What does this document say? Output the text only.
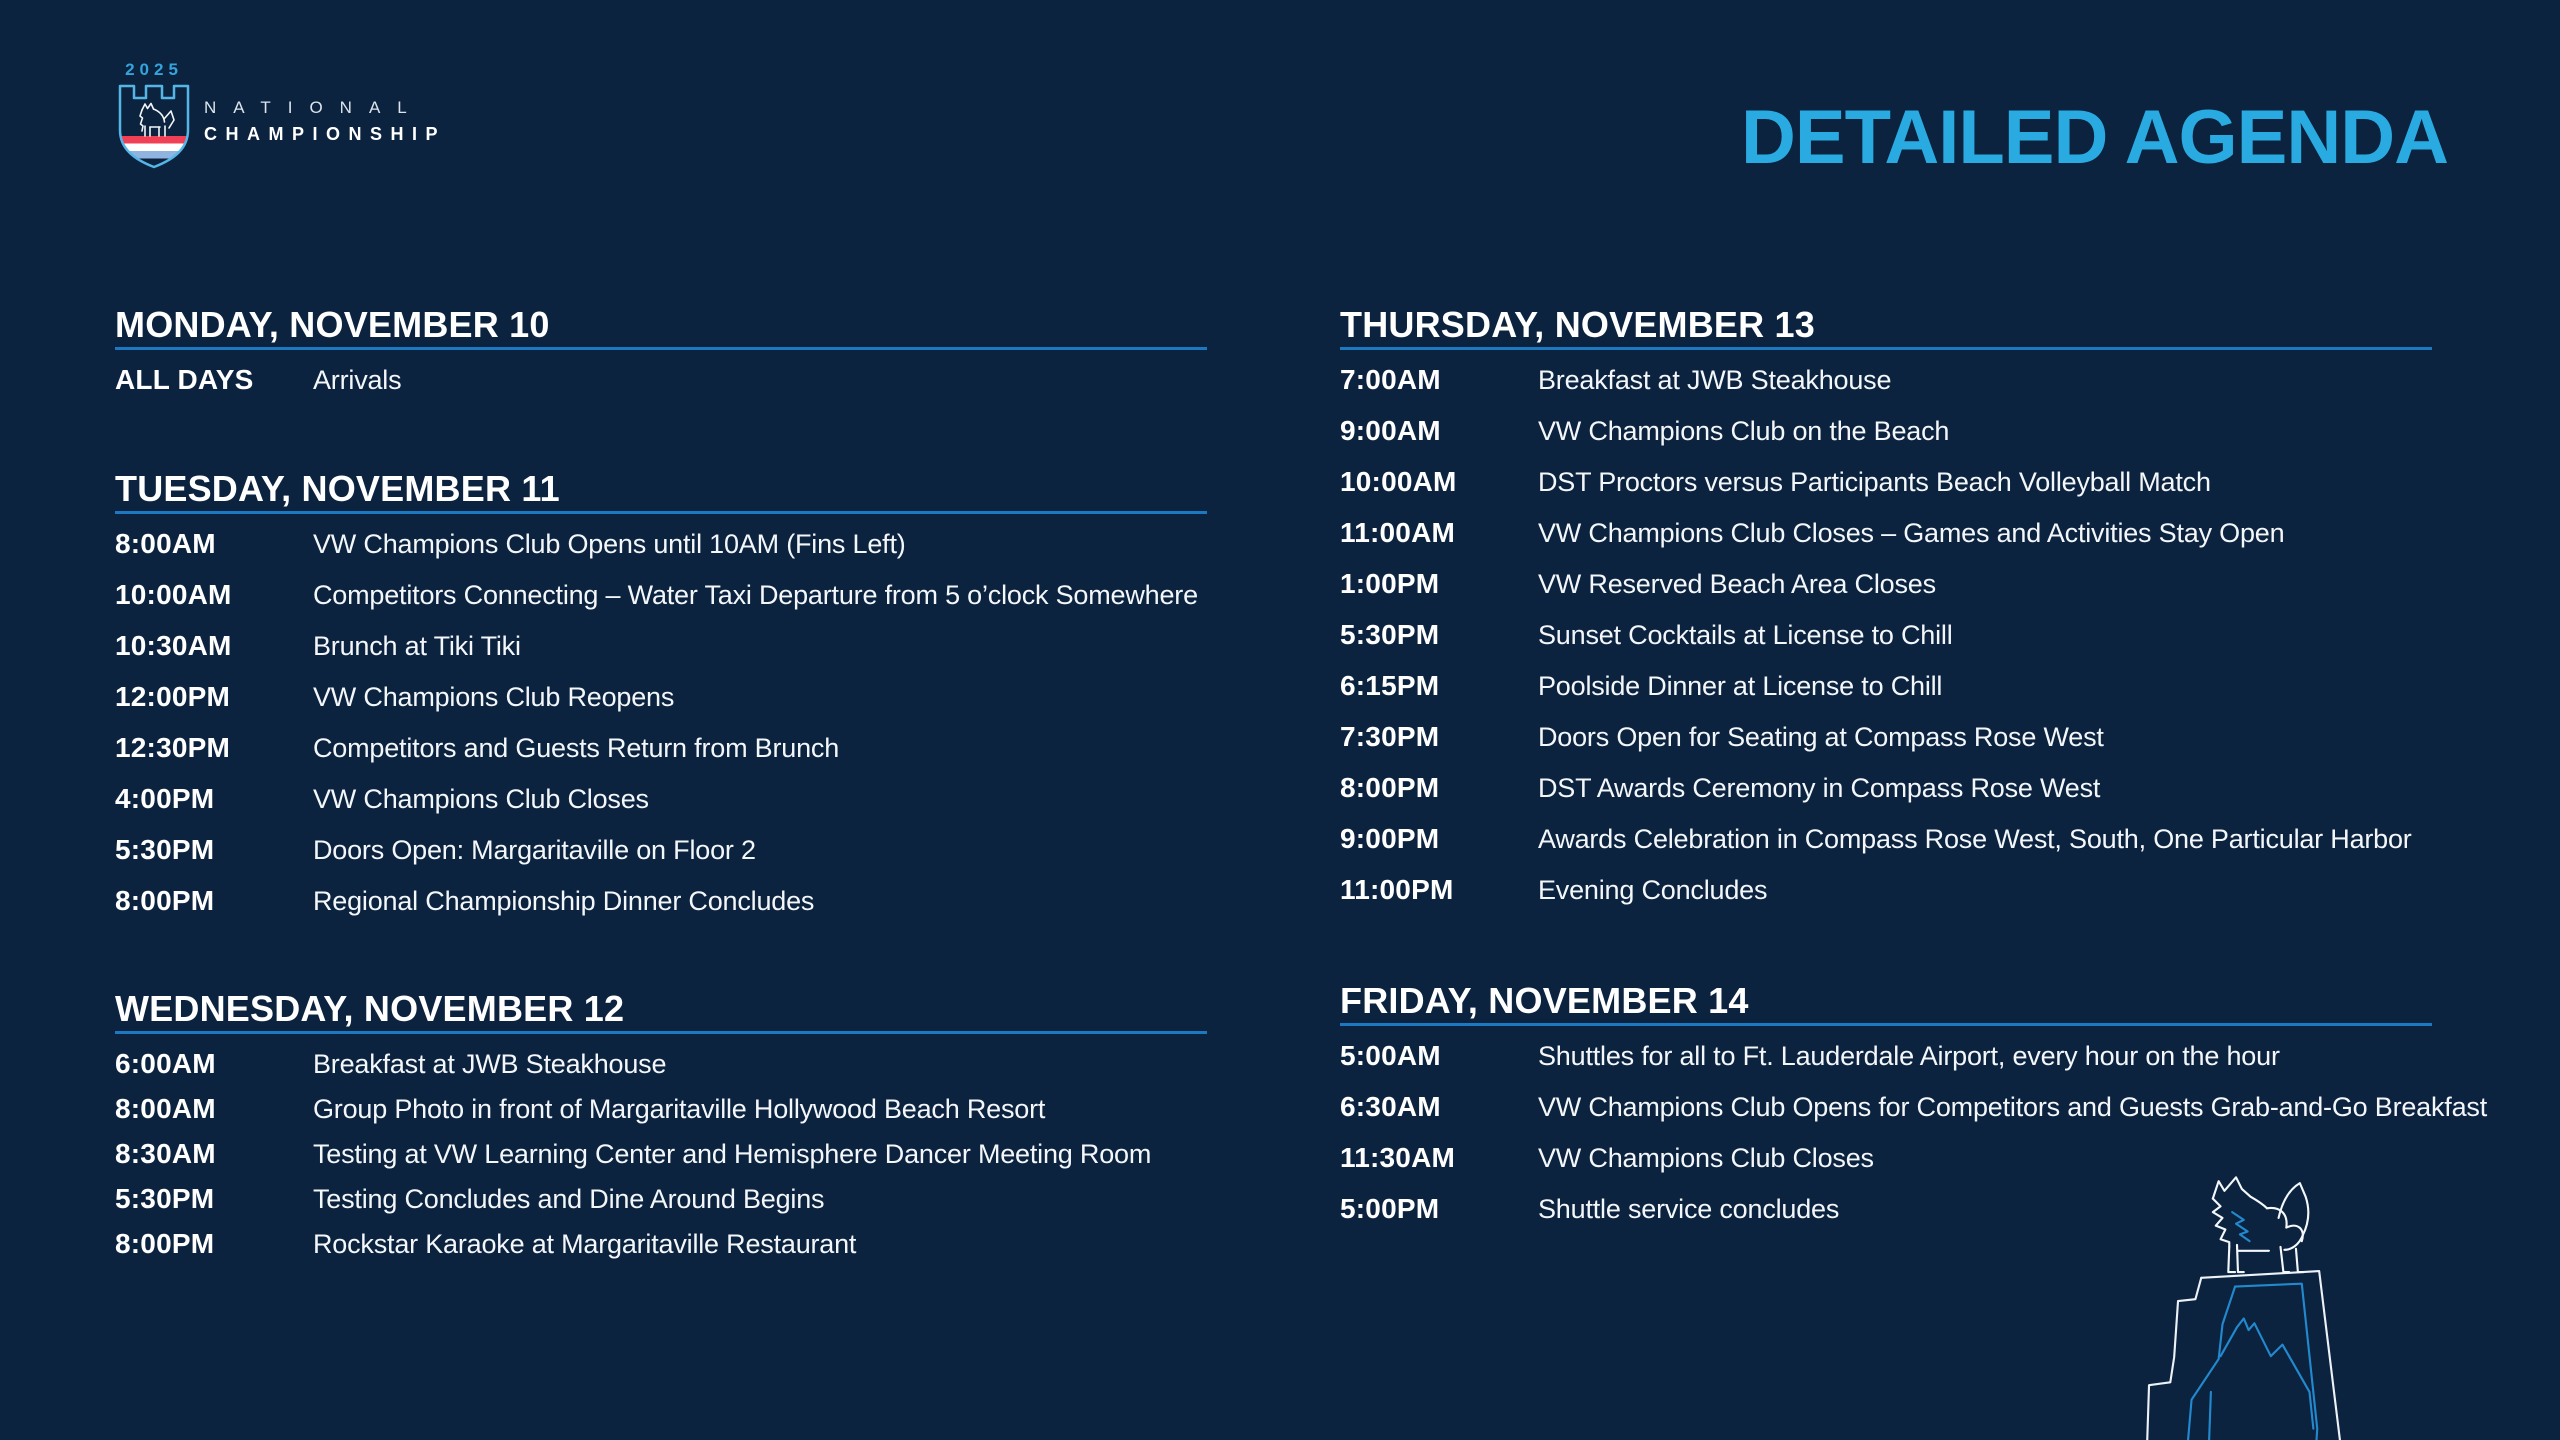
2025
NATIONAL
CHAMPIONSHIP	DETAILED AGENDA
MONDAY, NOVEMBER 10
ALL DAYS	Arrivals
TUESDAY, NOVEMBER 11
8:00AM	VW Champions Club Opens until 10AM (Fins Left)
10:00AM	Competitors Connecting – Water Taxi Departure from 5 o’clock Somewhere
10:30AM	Brunch at Tiki Tiki
12:00PM	VW Champions Club Reopens
12:30PM	Competitors and Guests Return from Brunch
4:00PM	VW Champions Club Closes
5:30PM	Doors Open: Margaritaville on Floor 2
8:00PM	Regional Championship Dinner Concludes
WEDNESDAY, NOVEMBER 12
6:00AM	Breakfast at JWB Steakhouse
8:00AM	Group Photo in front of Margaritaville Hollywood Beach Resort
8:30AM	Testing at VW Learning Center and Hemisphere Dancer Meeting Room
5:30PM	Testing Concludes and Dine Around Begins
8:00PM	Rockstar Karaoke at Margaritaville Restaurant
THURSDAY, NOVEMBER 13
7:00AM	Breakfast at JWB Steakhouse
9:00AM	VW Champions Club on the Beach
10:00AM	DST Proctors versus Participants Beach Volleyball Match
11:00AM	VW Champions Club Closes – Games and Activities Stay Open
1:00PM	VW Reserved Beach Area Closes
5:30PM	Sunset Cocktails at License to Chill
6:15PM	Poolside Dinner at License to Chill
7:30PM	Doors Open for Seating at Compass Rose West
8:00PM	DST Awards Ceremony in Compass Rose West
9:00PM	Awards Celebration in Compass Rose West, South, One Particular Harbor
11:00PM	Evening Concludes
FRIDAY, NOVEMBER 14
5:00AM	Shuttles for all to Ft. Lauderdale Airport, every hour on the hour
6:30AM	VW Champions Club Opens for Competitors and Guests Grab-and-Go Breakfast
11:30AM	VW Champions Club Closes
5:00PM	Shuttle service concludes
